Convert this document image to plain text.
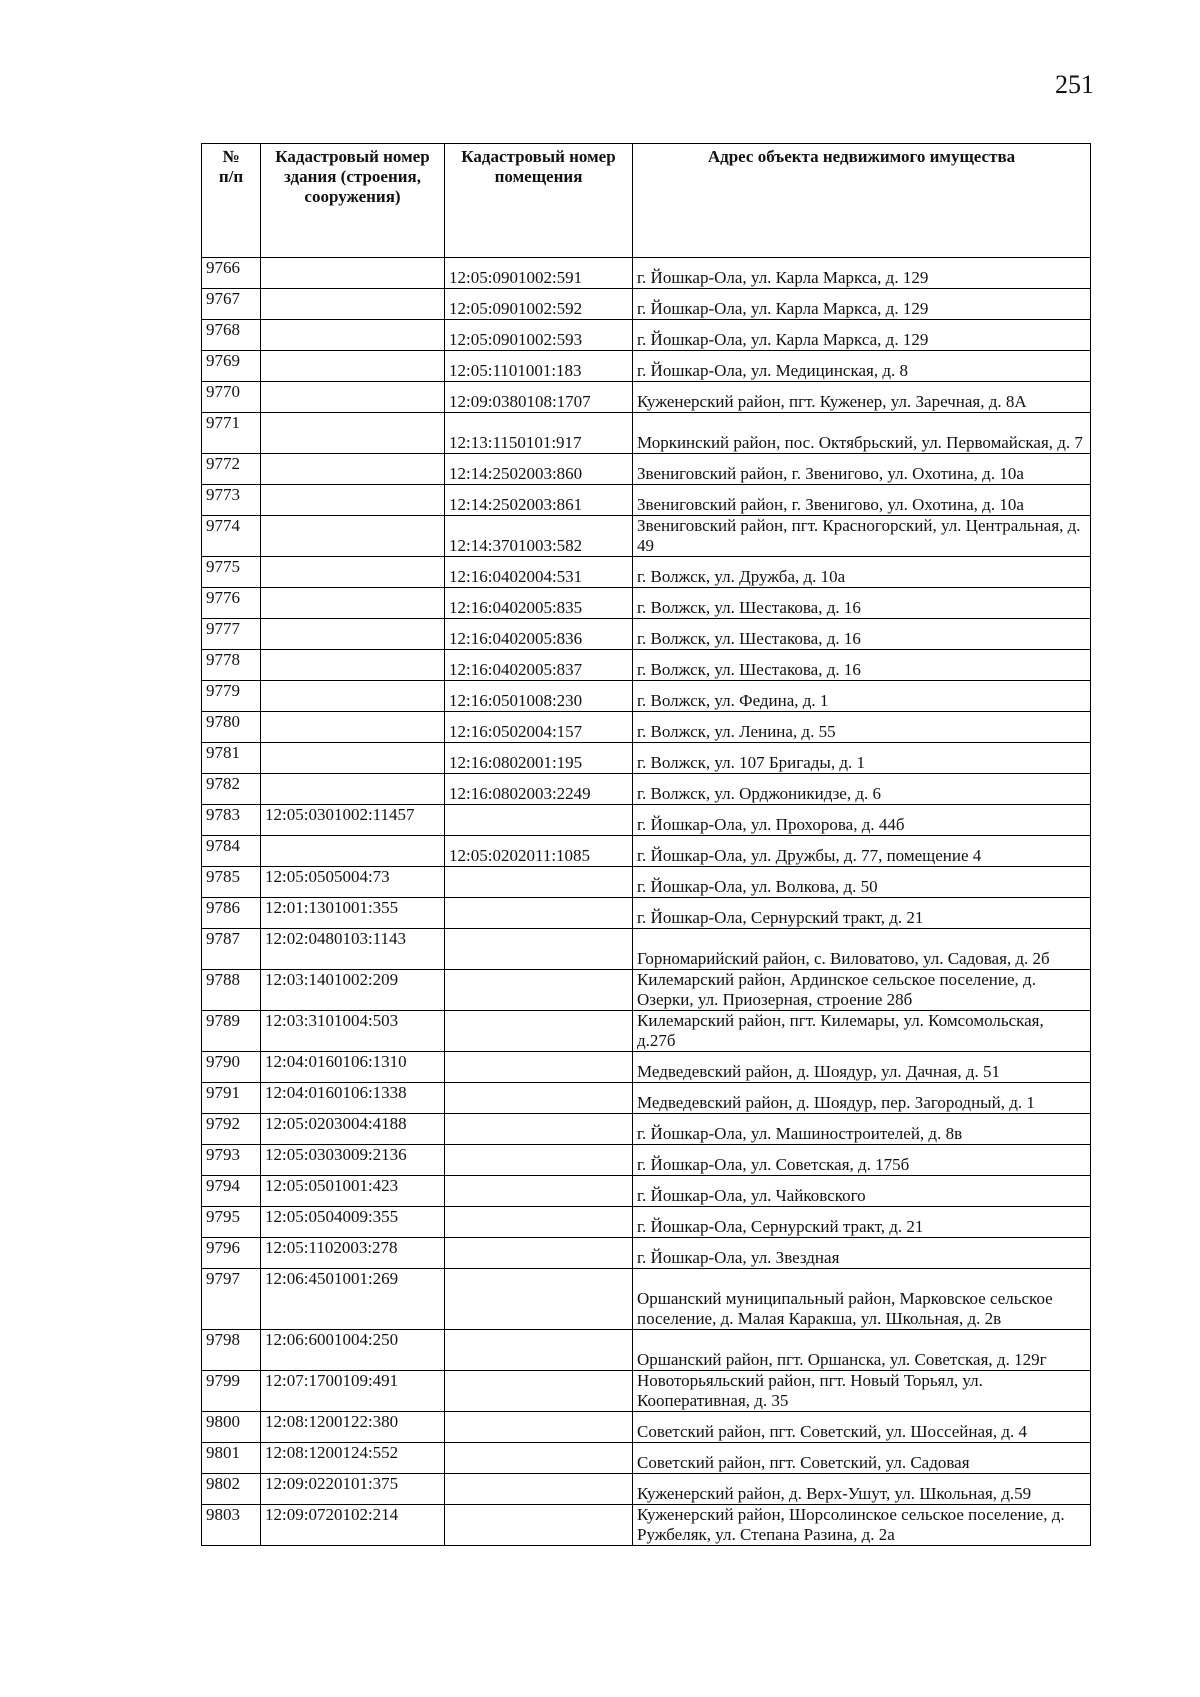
251
№
п/п	Кадастровый номер здания (строения, сооружения)	Кадастровый номер помещения	Адрес объекта недвижимого имущества
9766		12:05:0901002:591	г. Йошкар-Ола, ул. Карла Маркса, д. 129
9767		12:05:0901002:592	г. Йошкар-Ола, ул. Карла Маркса, д. 129
9768		12:05:0901002:593	г. Йошкар-Ола, ул. Карла Маркса, д. 129
9769		12:05:1101001:183	г. Йошкар-Ола, ул. Медицинская, д. 8
9770		12:09:0380108:1707	Куженерский район, пгт. Куженер, ул. Заречная, д. 8А
9771		12:13:1150101:917	Моркинский район, пос. Октябрьский, ул. Первомайская, д. 7
9772		12:14:2502003:860	Звениговский район, г. Звенигово, ул. Охотина, д. 10а
9773		12:14:2502003:861	Звениговский район, г. Звенигово, ул. Охотина, д. 10а
9774		12:14:3701003:582	Звениговский район, пгт. Красногорский, ул. Центральная, д. 49
9775		12:16:0402004:531	г. Волжск, ул. Дружба, д. 10а
9776		12:16:0402005:835	г. Волжск, ул. Шестакова, д. 16
9777		12:16:0402005:836	г. Волжск, ул. Шестакова, д. 16
9778		12:16:0402005:837	г. Волжск, ул. Шестакова, д. 16
9779		12:16:0501008:230	г. Волжск, ул. Федина, д. 1
9780		12:16:0502004:157	г. Волжск, ул. Ленина, д. 55
9781		12:16:0802001:195	г. Волжск, ул. 107 Бригады, д. 1
9782		12:16:0802003:2249	г. Волжск, ул. Орджоникидзе, д. 6
9783	12:05:0301002:11457		г. Йошкар-Ола, ул. Прохорова, д. 44б
9784		12:05:0202011:1085	г. Йошкар-Ола, ул. Дружбы, д. 77, помещение 4
9785	12:05:0505004:73		г. Йошкар-Ола, ул. Волкова, д. 50
9786	12:01:1301001:355		г. Йошкар-Ола, Сернурский тракт, д. 21
9787	12:02:0480103:1143		Горномарийский район, с. Виловатово, ул. Садовая, д. 2б
9788	12:03:1401002:209		Килемарский район, Ардинское сельское поселение, д. Озерки, ул. Приозерная, строение 28б
9789	12:03:3101004:503		Килемарский район, пгт. Килемары, ул. Комсомольская, д.27б
9790	12:04:0160106:1310		Медведевский район, д. Шоядур, ул. Дачная, д. 51
9791	12:04:0160106:1338		Медведевский район, д. Шоядур, пер. Загородный, д. 1
9792	12:05:0203004:4188		г. Йошкар-Ола, ул. Машиностроителей, д. 8в
9793	12:05:0303009:2136		г. Йошкар-Ола, ул. Советская, д. 175б
9794	12:05:0501001:423		г. Йошкар-Ола, ул. Чайковского
9795	12:05:0504009:355		г. Йошкар-Ола, Сернурский тракт, д. 21
9796	12:05:1102003:278		г. Йошкар-Ола, ул. Звездная
9797	12:06:4501001:269		Оршанский муниципальный район, Марковское сельское поселение, д. Малая Каракша, ул. Школьная, д. 2в
9798	12:06:6001004:250		Оршанский район, пгт. Оршанска, ул. Советская, д. 129г
9799	12:07:1700109:491		Новоторьяльский район, пгт. Новый Торьял, ул. Кооперативная, д. 35
9800	12:08:1200122:380		Советский район, пгт. Советский, ул. Шоссейная, д. 4
9801	12:08:1200124:552		Советский район, пгт. Советский, ул. Садовая
9802	12:09:0220101:375		Куженерский район, д. Верх-Ушут, ул. Школьная, д.59
9803	12:09:0720102:214		Куженерский район, Шорсолинское сельское поселение, д. Ружбеляк, ул. Степана Разина, д. 2а
